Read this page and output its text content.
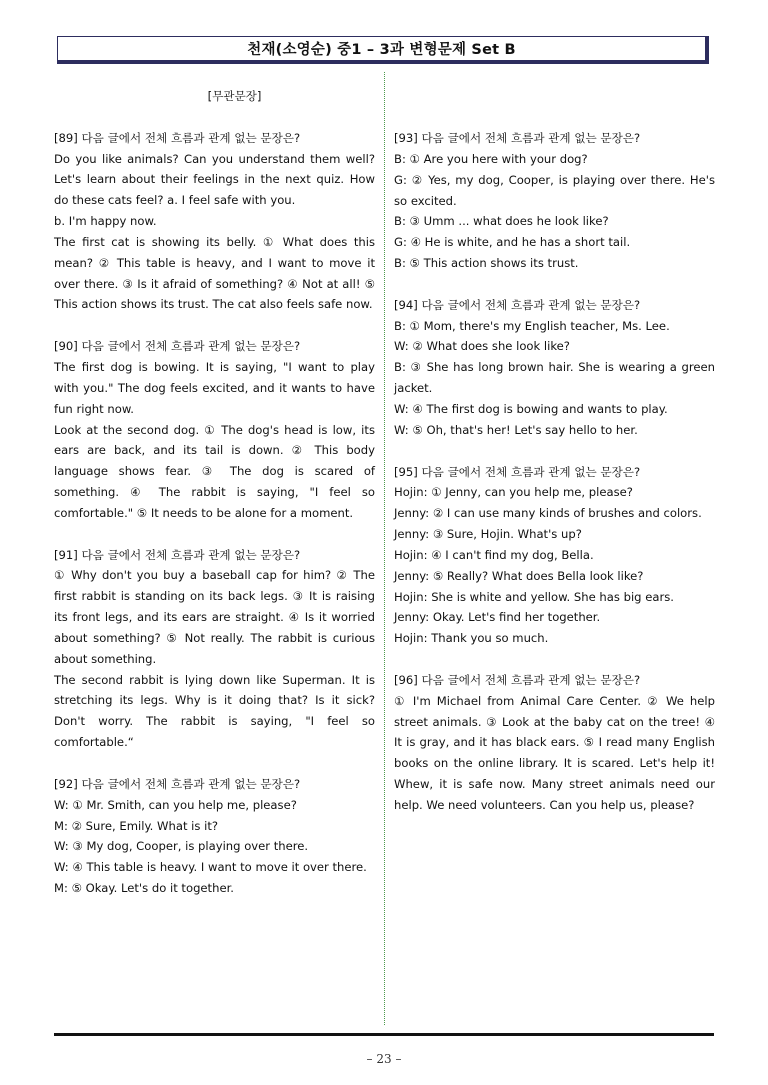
천재(소영순) 중1 – 3과 변형문제 Set B
[무관문장]

[89] 다음 글에서 전체 흐름과 관계 없는 문장은?

Do you like animals? Can you understand them well? Let's learn about their feelings in the next quiz. How do these cats feel? a. I feel safe with you.

b. I'm happy now.

The first cat is showing its belly. ① What does this mean? ② This table is heavy, and I want to move it over there. ③ Is it afraid of something? ④ Not at all! ⑤ This action shows its trust. The cat also feels safe now.

[90] 다음 글에서 전체 흐름과 관계 없는 문장은?

The first dog is bowing. It is saying, "I want to play with you." The dog feels excited, and it wants to have fun right now.

Look at the second dog. ① The dog's head is low, its ears are back, and its tail is down. ② This body language shows fear. ③ The dog is scared of something. ④ The rabbit is saying, "I feel so comfortable." ⑤ It needs to be alone for a moment.

[91] 다음 글에서 전체 흐름과 관계 없는 문장은?

① Why don't you buy a baseball cap for him? ② The first rabbit is standing on its back legs. ③ It is raising its front legs, and its ears are straight. ④ Is it worried about something? ⑤ Not really. The rabbit is curious about something.

The second rabbit is lying down like Superman. It is stretching its legs. Why is it doing that? Is it sick? Don't worry. The rabbit is saying, "I feel so comfortable.“

[92] 다음 글에서 전체 흐름과 관계 없는 문장은?

W: ① Mr. Smith, can you help me, please?

M: ② Sure, Emily. What is it?

W: ③ My dog, Cooper, is playing over there.

W: ④ This table is heavy. I want to move it over there.

M: ⑤ Okay. Let's do it together.

[93] 다음 글에서 전체 흐름과 관계 없는 문장은?

B: ① Are you here with your dog?

G: ② Yes, my dog, Cooper, is playing over there. He's so excited.

B: ③ Umm ... what does he look like?

G: ④ He is white, and he has a short tail.

B: ⑤ This action shows its trust.

[94] 다음 글에서 전체 흐름과 관계 없는 문장은?

B: ① Mom, there's my English teacher, Ms. Lee.

W: ② What does she look like?

B: ③ She has long brown hair. She is wearing a green jacket.

W: ④ The first dog is bowing and wants to play.

W: ⑤ Oh, that's her! Let's say hello to her.

[95] 다음 글에서 전체 흐름과 관계 없는 문장은?

Hojin: ① Jenny, can you help me, please?

Jenny: ② I can use many kinds of brushes and colors.

Jenny: ③ Sure, Hojin. What's up?

Hojin: ④ I can't find my dog, Bella.

Jenny: ⑤ Really? What does Bella look like?

Hojin: She is white and yellow. She has big ears.

Jenny: Okay. Let's find her together.

Hojin: Thank you so much.

[96] 다음 글에서 전체 흐름과 관계 없는 문장은?

① I'm Michael from Animal Care Center. ② We help street animals. ③ Look at the baby cat on the tree! ④ It is gray, and it has black ears. ⑤ I read many English books on the online library. It is scared. Let's help it! Whew, it is safe now. Many street animals need our help. We need volunteers. Can you help us, please?

– 23 –
